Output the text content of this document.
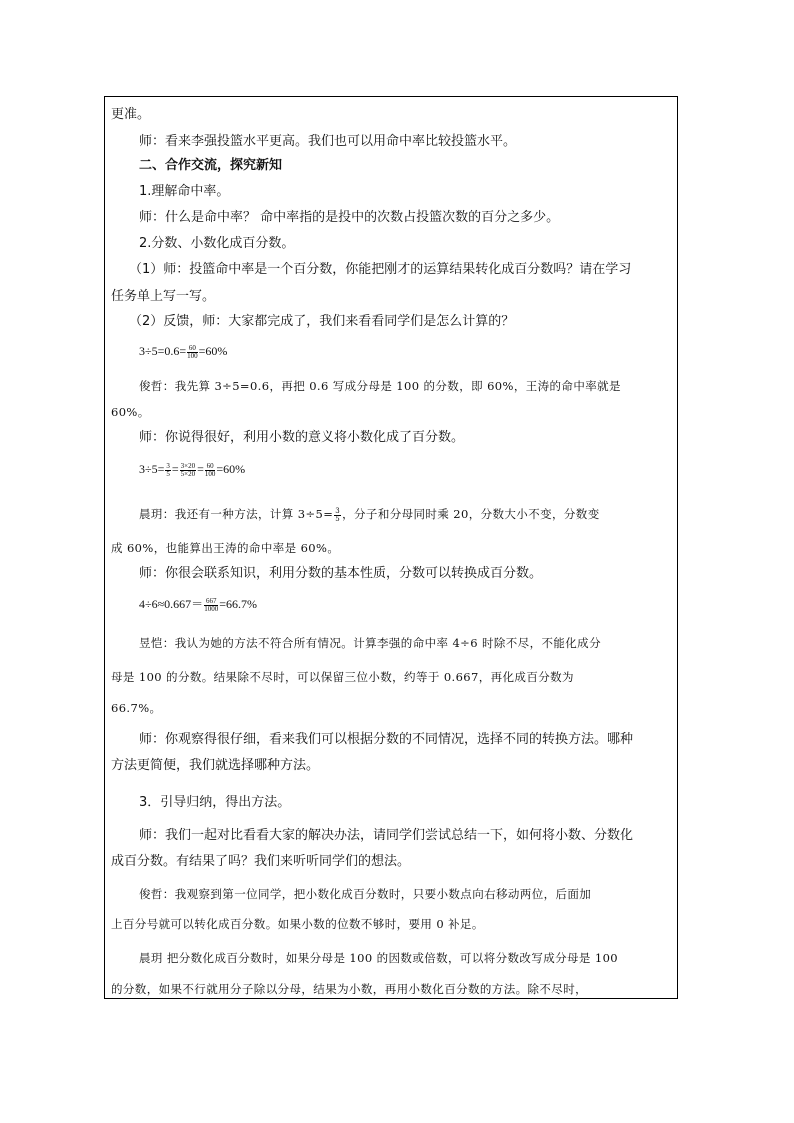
更准。
师：看来李强投篮水平更高。我们也可以用命中率比较投篮水平。
二、合作交流，探究新知
1.理解命中率。
师：什么是命中率？ 命中率指的是投中的次数占投篮次数的百分之多少。
2.分数、小数化成百分数。
（1）师：投篮命中率是一个百分数，你能把刚才的运算结果转化成百分数吗？请在学习
任务单上写一写。
（2）反馈，师：大家都完成了，我们来看看同学们是怎么计算的？
$3\div 5=0.6= \frac{60}{100} =60\%$
俊哲：我先算 3÷5=0.6，再把 0.6 写成分母是 100 的分数，即 60%，王涛的命中率就是
60%。
师：你说得很好，利用小数的意义将小数化成了百分数。
$3\div 5= \frac{3}{5} = \frac{3\times 20}{5\times 20} = \frac{60}{100} =60\%$
晨玥：我还有一种方法，计算 $3\div 5= \frac{3}{5}$ ，分子和分母同时乘 20，分数大小不变，分数变
成 60%，也能算出王涛的命中率是 60%。
师：你很会联系知识，利用分数的基本性质，分数可以转换成百分数。
$4\div 6\approx 0.667= \frac{667}{1000} =66.7\%$
昱恺：我认为她的方法不符合所有情况。计算李强的命中率 4÷6 时除不尽，不能化成分
母是 100 的分数。结果除不尽时，可以保留三位小数，约等于 0.667，再化成百分数为
66.7%。
师：你观察得很仔细，看来我们可以根据分数的不同情况，选择不同的转换方法。哪种
方法更简便，我们就选择哪种方法。
3．引导归纳，得出方法。
师：我们一起对比看看大家的解决办法，请同学们尝试总结一下，如何将小数、分数化
成百分数。有结果了吗？我们来听听同学们的想法。
俊哲：我观察到第一位同学，把小数化成百分数时，只要小数点向右移动两位，后面加
上百分号就可以转化成百分数。如果小数的位数不够时，要用 0 补足。
晨玥 把分数化成百分数时，如果分母是 100 的因数或倍数，可以将分数改写成分母是 100
的分数，如果不行就用分子除以分母，结果为小数，再用小数化百分数的方法。除不尽时，
